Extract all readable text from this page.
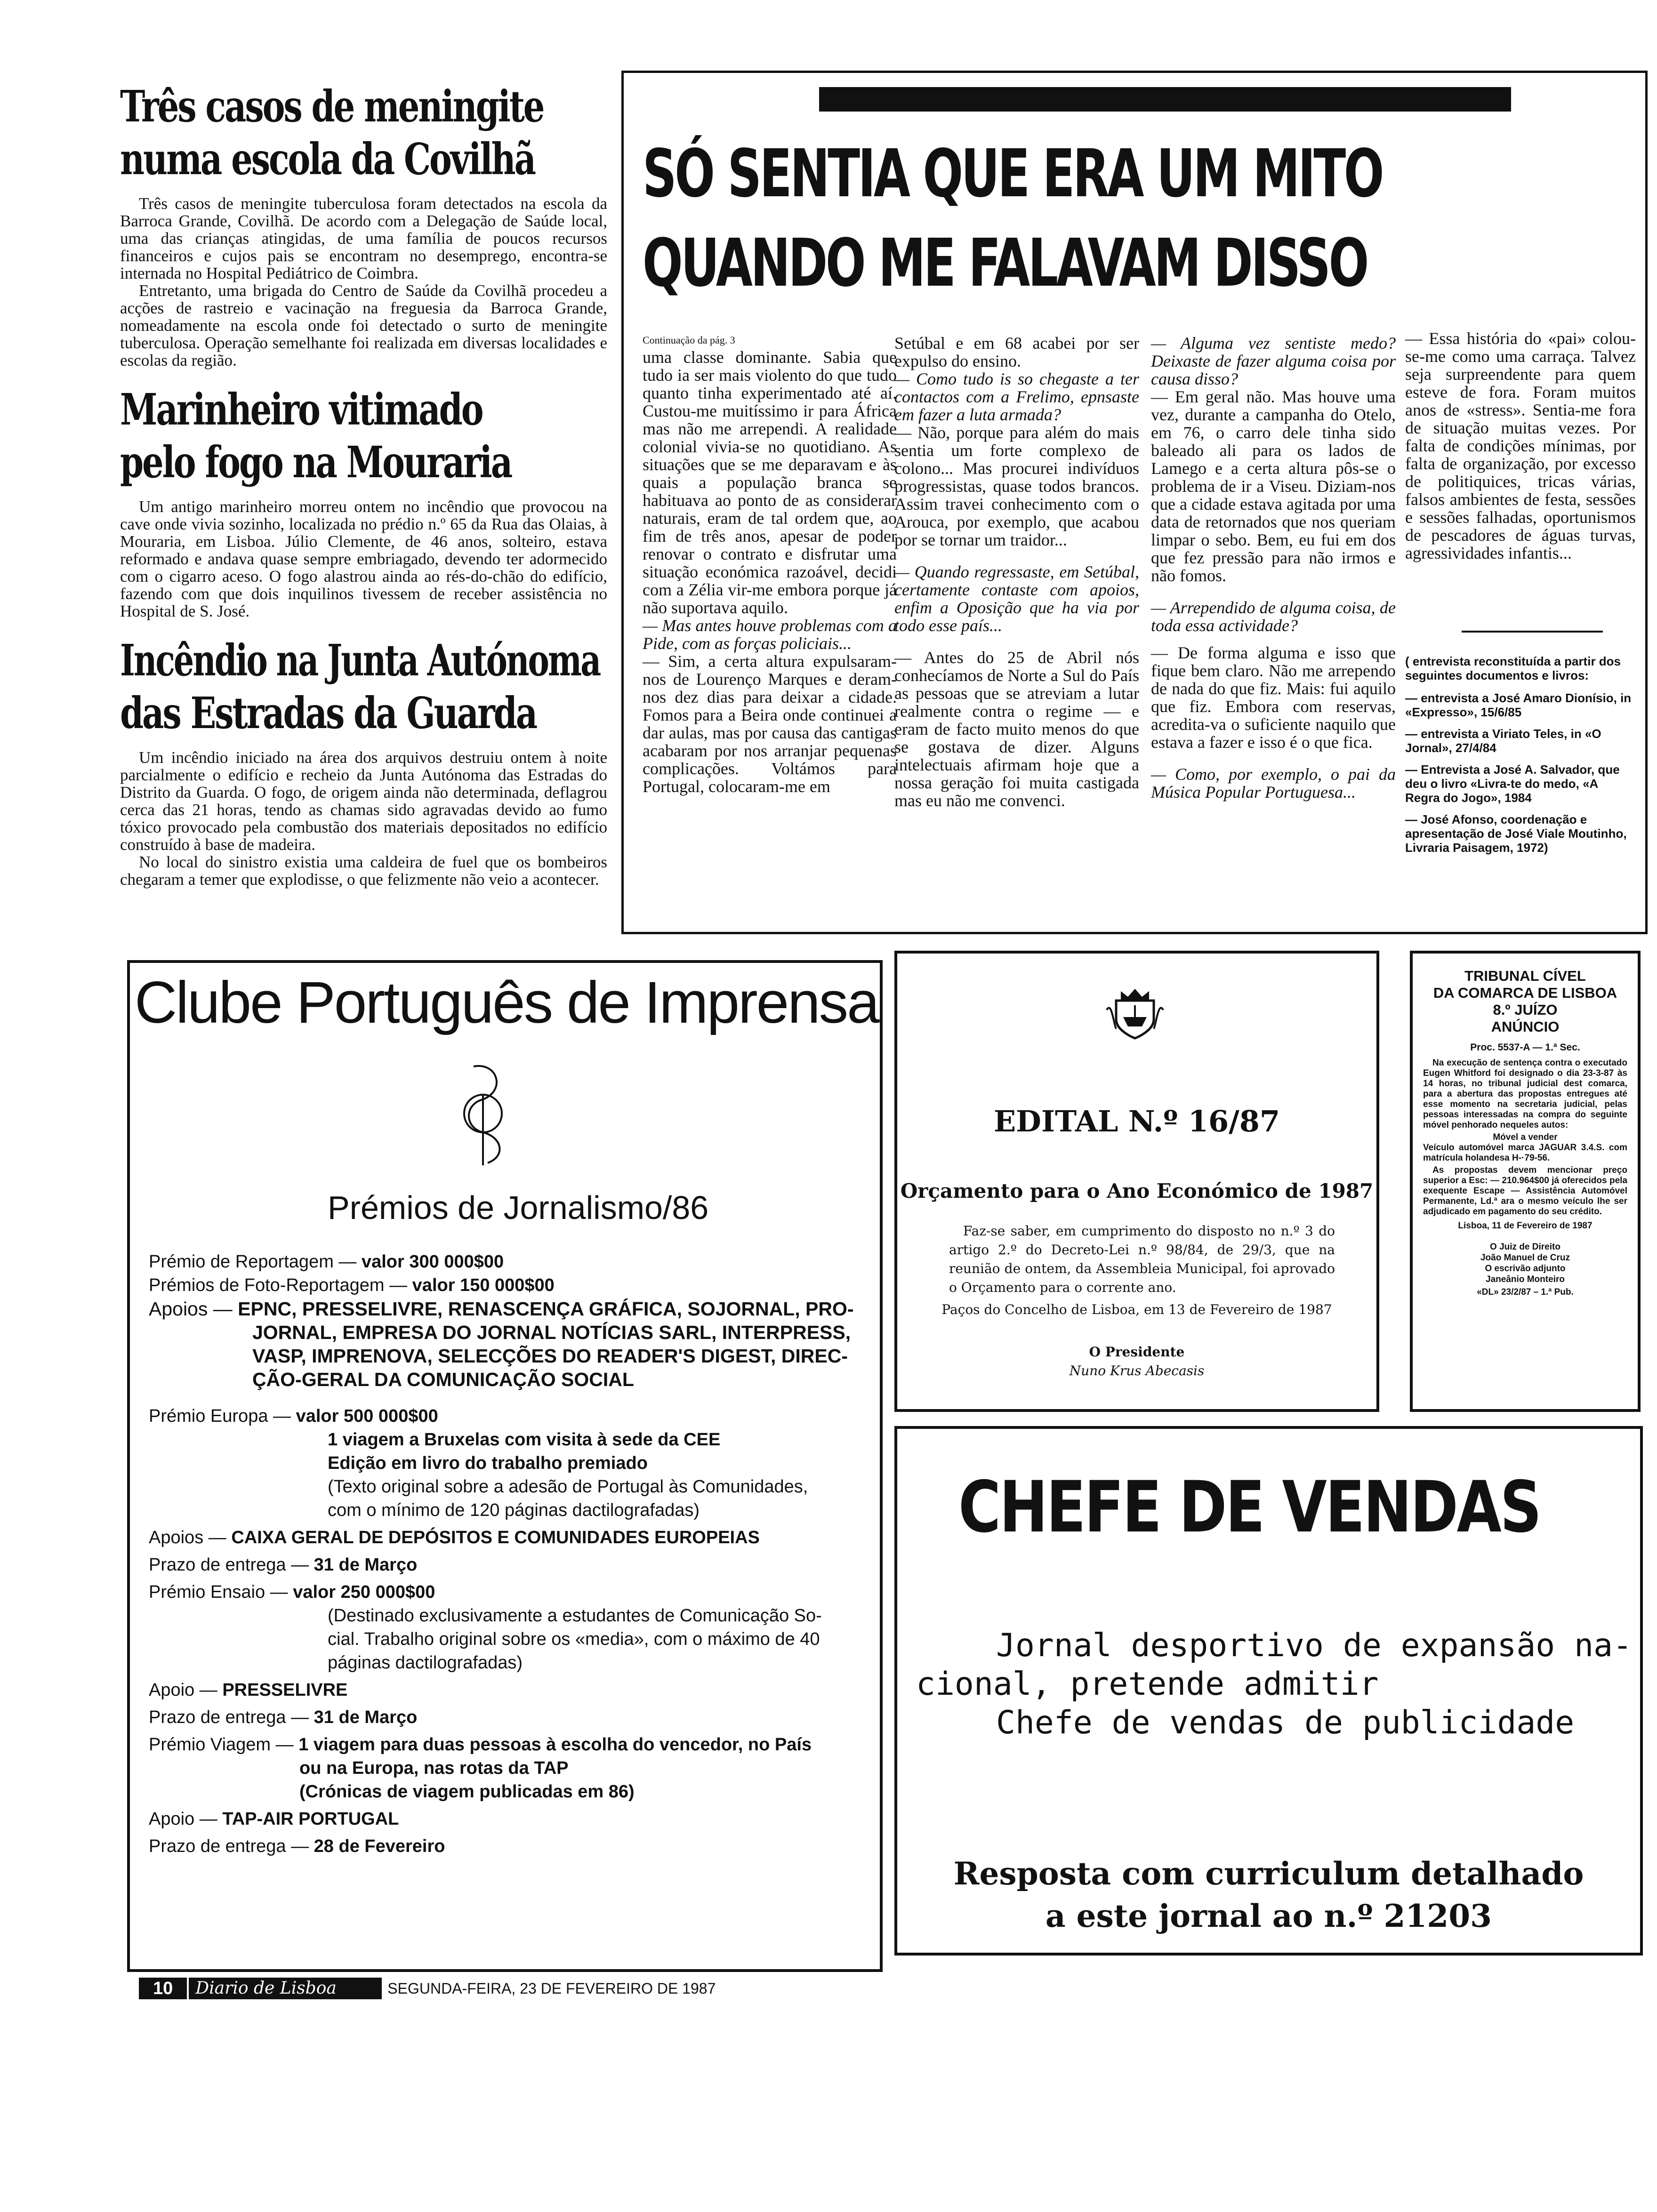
Três casos de meningite
numa escola da Covilhã

Três casos de meningite tuberculosa foram detectados na escola da Barroca Grande, Covilhã. De acordo com a Delegação de Saúde local, uma das crianças atingidas, de uma família de poucos recursos financeiros e cujos pais se encontram no desemprego, encontra-se internada no Hospital Pediátrico de Coimbra.

Entretanto, uma brigada do Centro de Saúde da Covilhã procedeu a acções de rastreio e vacinação na freguesia da Barroca Grande, nomeadamente na escola onde foi detectado o surto de meningite tuberculosa. Operação semelhante foi realizada em diversas localidades e escolas da região.

Marinheiro vitimado
pelo fogo na Mouraria

Um antigo marinheiro morreu ontem no incêndio que provocou na cave onde vivia sozinho, localizada no prédio n.º 65 da Rua das Olaias, à Mouraria, em Lisboa. Júlio Clemente, de 46 anos, solteiro, estava reformado e andava quase sempre embriagado, devendo ter adormecido com o cigarro aceso. O fogo alastrou ainda ao rés-do-chão do edifício, fazendo com que dois inquilinos tivessem de receber assistência no Hospital de S. José.

Incêndio na Junta Autónoma
das Estradas da Guarda

Um incêndio iniciado na área dos arquivos destruiu ontem à noite parcialmente o edifício e recheio da Junta Autónoma das Estradas do Distrito da Guarda. O fogo, de origem ainda não determinada, deflagrou cerca das 21 horas, tendo as chamas sido agravadas devido ao fumo tóxico provocado pela combustão dos materiais depositados no edifício construído à base de madeira.

No local do sinistro existia uma caldeira de fuel que os bombeiros chegaram a temer que explodisse, o que felizmente não veio a acontecer.

SÓ SENTIA QUE ERA UM MITO
QUANDO ME FALAVAM DISSO
Continuação da pág. 3

uma classe dominante. Sabia que tudo ia ser mais violento do que tudo quanto tinha experimentado até aí. Custou-me muitíssimo ir para África mas não me arrependi. A realidade colonial vivia-se no quotidiano. As situações que se me deparavam e às quais a população branca se habituava ao ponto de as considerar naturais, eram de tal ordem que, ao fim de três anos, apesar de poder renovar o contrato e disfrutar uma situação económica razoável, decidi com a Zélia vir-me embora porque já não suportava aquilo.

— Mas antes houve problemas com a Pide, com as forças policiais...

— Sim, a certa altura expulsaram-nos de Lourenço Marques e deram-nos dez dias para deixar a cidade. Fomos para a Beira onde continuei a dar aulas, mas por causa das cantigas acabaram por nos arranjar pequenas complicações. Voltámos para Portugal, colocaram-me em

Setúbal e em 68 acabei por ser expulso do ensino.

— Como tudo is so chegaste a ter contactos com a Frelimo, epnsaste em fazer a luta armada?

— Não, porque para além do mais sentia um forte complexo de colono... Mas procurei indivíduos progressistas, quase todos brancos. Assim travei conhecimento com o Arouca, por exemplo, que acabou por se tornar um traidor...

— Quando regressaste, em Setúbal, certamente contaste com apoios, enfim a Oposição que ha via por todo esse país...

— Antes do 25 de Abril nós conhecíamos de Norte a Sul do País as pessoas que se atreviam a lutar realmente contra o regime — e eram de facto muito menos do que se gostava de dizer. Alguns intelectuais afirmam hoje que a nossa geração foi muita castigada mas eu não me convenci.

— Alguma vez sentiste medo? Deixaste de fazer alguma coisa por causa disso?

— Em geral não. Mas houve uma vez, durante a campanha do Otelo, em 76, o carro dele tinha sido baleado ali para os lados de Lamego e a certa altura pôs-se o problema de ir a Viseu. Diziam-nos que a cidade estava agitada por uma data de retornados que nos queriam limpar o sebo. Bem, eu fui em dos que fez pressão para não irmos e não fomos.

— Arrependido de alguma coisa, de toda essa actividade?

— De forma alguma e isso que fique bem claro. Não me arrependo de nada do que fiz. Mais: fui aquilo que fiz. Embora com reservas, acredita-va o suficiente naquilo que estava a fazer e isso é o que fica.

— Como, por exemplo, o pai da Música Popular Portuguesa...

— Essa história do «pai» colou-se-me como uma carraça. Talvez seja surpreendente para quem esteve de fora. Foram muitos anos de «stress». Sentia-me fora de situação muitas vezes. Por falta de condições mínimas, por falta de organização, por excesso de politiquices, tricas várias, falsos ambientes de festa, sessões e sessões falhadas, oportunismos de pescadores de águas turvas, agressividades infantis...

( entrevista reconstituída a partir dos seguintes documentos e livros:

— entrevista a José Amaro Dionísio, in «Expresso», 15/6/85

— entrevista a Viriato Teles, in «O Jornal», 27/4/84

— Entrevista a José A. Salvador, que deu o livro «Livra-te do medo, «A Regra do Jogo», 1984

— José Afonso, coordenação e apresentação de José Viale Moutinho, Livraria Paisagem, 1972)

Clube Português de Imprensa
Prémios de Jornalismo/86
Prémio de Reportagem — valor 300 000$00
Prémios de Foto-Reportagem — valor 150 000$00
Apoios — EPNC, PRESSELIVRE, RENASCENÇA GRÁFICA, SOJORNAL, PRO-
JORNAL, EMPRESA DO JORNAL NOTÍCIAS SARL, INTERPRESS,
VASP, IMPRENOVA, SELECÇÕES DO READER'S DIGEST, DIREC-
ÇÃO-GERAL DA COMUNICAÇÃO SOCIAL
Prémio Europa — valor 500 000$00
1 viagem a Bruxelas com visita à sede da CEE
Edição em livro do trabalho premiado
(Texto original sobre a adesão de Portugal às Comunidades,
com o mínimo de 120 páginas dactilografadas)
Apoios — CAIXA GERAL DE DEPÓSITOS E COMUNIDADES EUROPEIAS
Prazo de entrega — 31 de Março
Prémio Ensaio — valor 250 000$00
(Destinado exclusivamente a estudantes de Comunicação So-
cial. Trabalho original sobre os «media», com o máximo de 40
páginas dactilografadas)
Apoio — PRESSELIVRE
Prazo de entrega — 31 de Março
Prémio Viagem — 1 viagem para duas pessoas à escolha do vencedor, no País
ou na Europa, nas rotas da TAP
(Crónicas de viagem publicadas em 86)
Apoio — TAP-AIR PORTUGAL
Prazo de entrega — 28 de Fevereiro
EDITAL N.º 16/87
Orçamento para o Ano Económico de 1987
Faz-se saber, em cumprimento do disposto no n.º 3 do artigo 2.º do Decreto-Lei n.º 98/84, de 29/3, que na reunião de ontem, da Assembleia Municipal, foi aprovado o Orçamento para o corrente ano.
Paços do Concelho de Lisboa, em 13 de Fevereiro de 1987
O Presidente
Nuno Krus Abecasis
TRIBUNAL CÍVEL
DA COMARCA DE LISBOA
8.º JUÍZO
ANÚNCIO
Proc. 5537-A — 1.ª Sec.
Na execução de sentença contra o executado Eugen Whitford foi designado o dia 23-3-87 às 14 horas, no tribunal judicial dest comarca, para a abertura das propostas entregues até esse momento na secretaria judicial, pelas pessoas interessadas na compra do seguinte móvel penhorado nequeles autos:
Móvel a vender
Veículo automóvel marca JAGUAR 3.4.S. com matrícula holandesa H-·79-56.
As propostas devem mencionar preço superior a Esc: — 210.964$00 já oferecidos pela exequente Escape — Assistência Automóvel Permanente, Ld.ª ara o mesmo veículo lhe ser adjudicado em pagamento do seu crédito.
Lisboa, 11 de Fevereiro de 1987
O Juiz de Direito
João Manuel de Cruz
O escrivão adjunto
Janeânio Monteiro
«DL» 23/2/87 – 1.ª Pub.
CHEFE DE VENDAS
Jornal desportivo de expansão na-
cional, pretende admitir
Chefe de vendas de publicidade
Resposta com curriculum detalhado
a este jornal ao n.º 21203
10	Diario de Lisboa	SEGUNDA-FEIRA, 23 DE FEVEREIRO DE 1987
